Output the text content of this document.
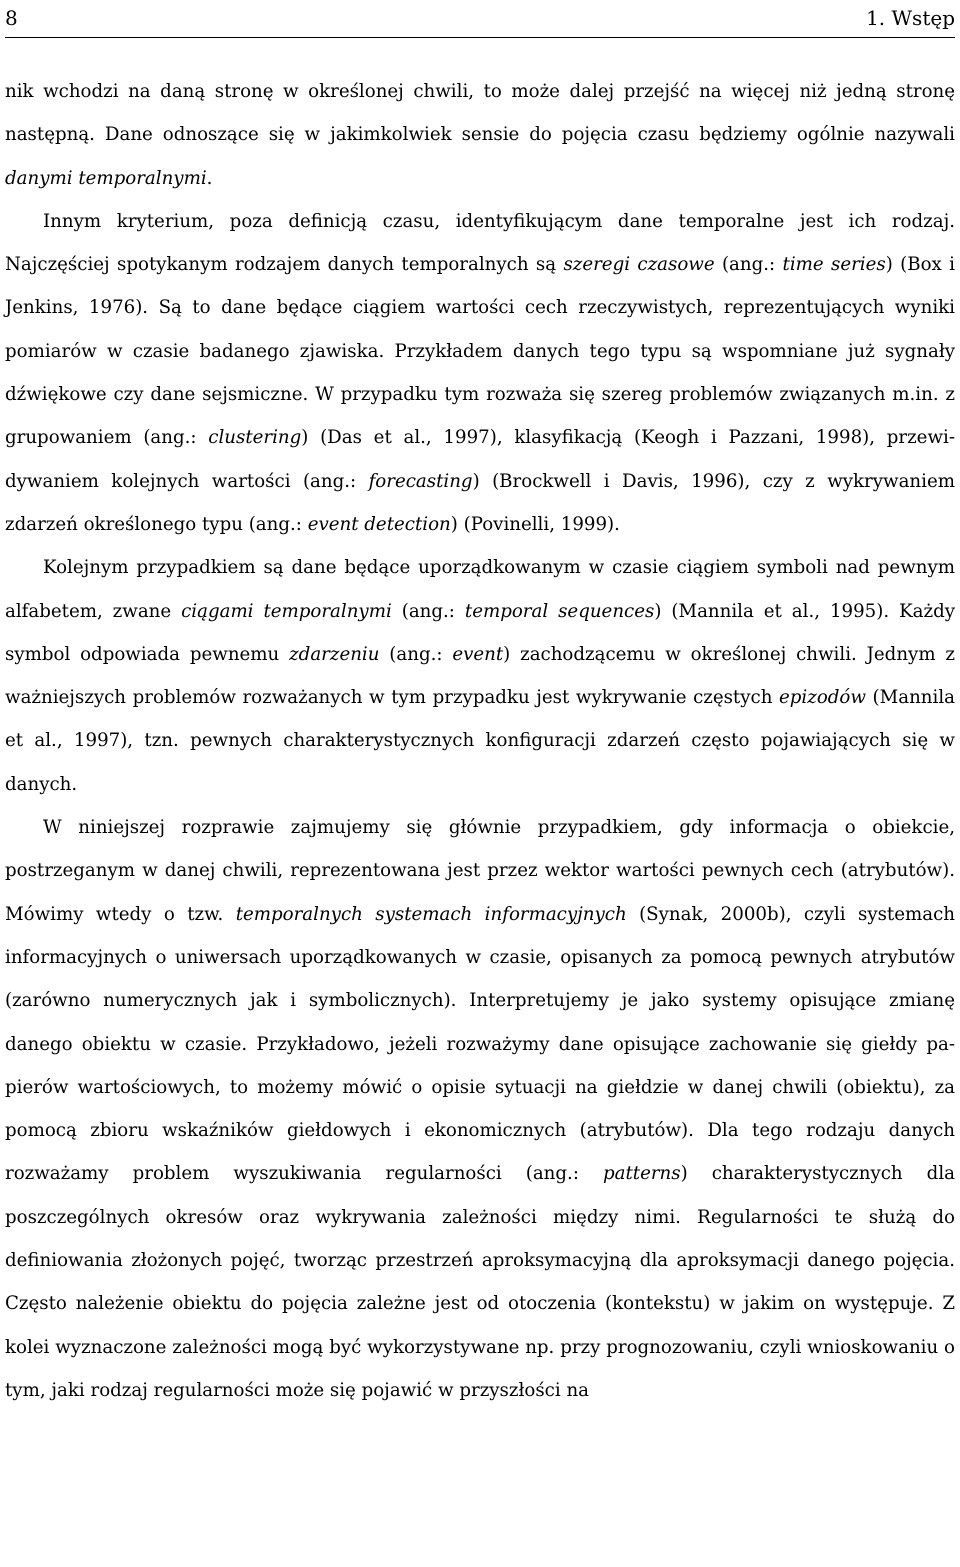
8	1. Wstęp

nik wchodzi na daną stronę w określonej chwili, to może dalej przejść na więcej niż jedną stronę następną. Dane odnoszące się w jakimkolwiek sensie do pojęcia czasu będziemy ogólnie nazywali danymi temporalnymi.

Innym kryterium, poza definicją czasu, identyfikującym dane temporalne jest ich rodzaj. Najczęściej spotykanym rodzajem danych temporalnych są szeregi czasowe (ang.: time series) (Box i Jenkins, 1976). Są to dane będące ciągiem wartości cech rzeczywistych, reprezentujących wyniki pomiarów w czasie badanego zjawiska. Przykładem danych tego typu są wspomniane już sygnały dźwiękowe czy dane sejsmiczne. W przypadku tym rozważa się szereg problemów związanych m.in. z grupowaniem (ang.: clustering) (Das et al., 1997), klasyfikacją (Keogh i Pazzani, 1998), przewidywaniem kolejnych wartości (ang.: forecasting) (Brockwell i Davis, 1996), czy z wykrywaniem zdarzeń określonego typu (ang.: event detection) (Povinelli, 1999).

Kolejnym przypadkiem są dane będące uporządkowanym w czasie ciągiem symboli nad pewnym alfabetem, zwane ciągami temporalnymi (ang.: temporal sequences) (Mannila et al., 1995). Każdy symbol odpowiada pewnemu zdarzeniu (ang.: event) zachodzącemu w określonej chwili. Jednym z ważniejszych problemów rozważanych w tym przypadku jest wykrywanie częstych epizodów (Mannila et al., 1997), tzn. pewnych charakterystycznych konfiguracji zdarzeń często pojawiających się w danych.

W niniejszej rozprawie zajmujemy się głównie przypadkiem, gdy informacja o obiekcie, postrzeganym w danej chwili, reprezentowana jest przez wektor wartości pewnych cech (atrybutów). Mówimy wtedy o tzw. temporalnych systemach informacyjnych (Synak, 2000b), czyli systemach informacyjnych o uniwersach uporządkowanych w czasie, opisanych za pomocą pewnych atrybutów (zarówno numerycznych jak i symbolicznych). Interpretujemy je jako systemy opisujące zmianę danego obiektu w czasie. Przykładowo, jeżeli rozważymy dane opisujące zachowanie się giełdy papierów wartościowych, to możemy mówić o opisie sytuacji na giełdzie w danej chwili (obiektu), za pomocą zbioru wskaźników giełdowych i ekonomicznych (atrybutów). Dla tego rodzaju danych rozważamy problem wyszukiwania regularności (ang.: patterns) charakterystycznych dla poszczególnych okresów oraz wykrywania zależności między nimi. Regularności te służą do definiowania złożonych pojęć, tworząc przestrzeń aproksymacyjną dla aproksymacji danego pojęcia. Często należenie obiektu do pojęcia zależne jest od otoczenia (kontekstu) w jakim on występuje. Z kolei wyznaczone zależności mogą być wykorzystywane np. przy prognozowaniu, czyli wnioskowaniu o tym, jaki rodzaj regularności może się pojawić w przyszłości na
